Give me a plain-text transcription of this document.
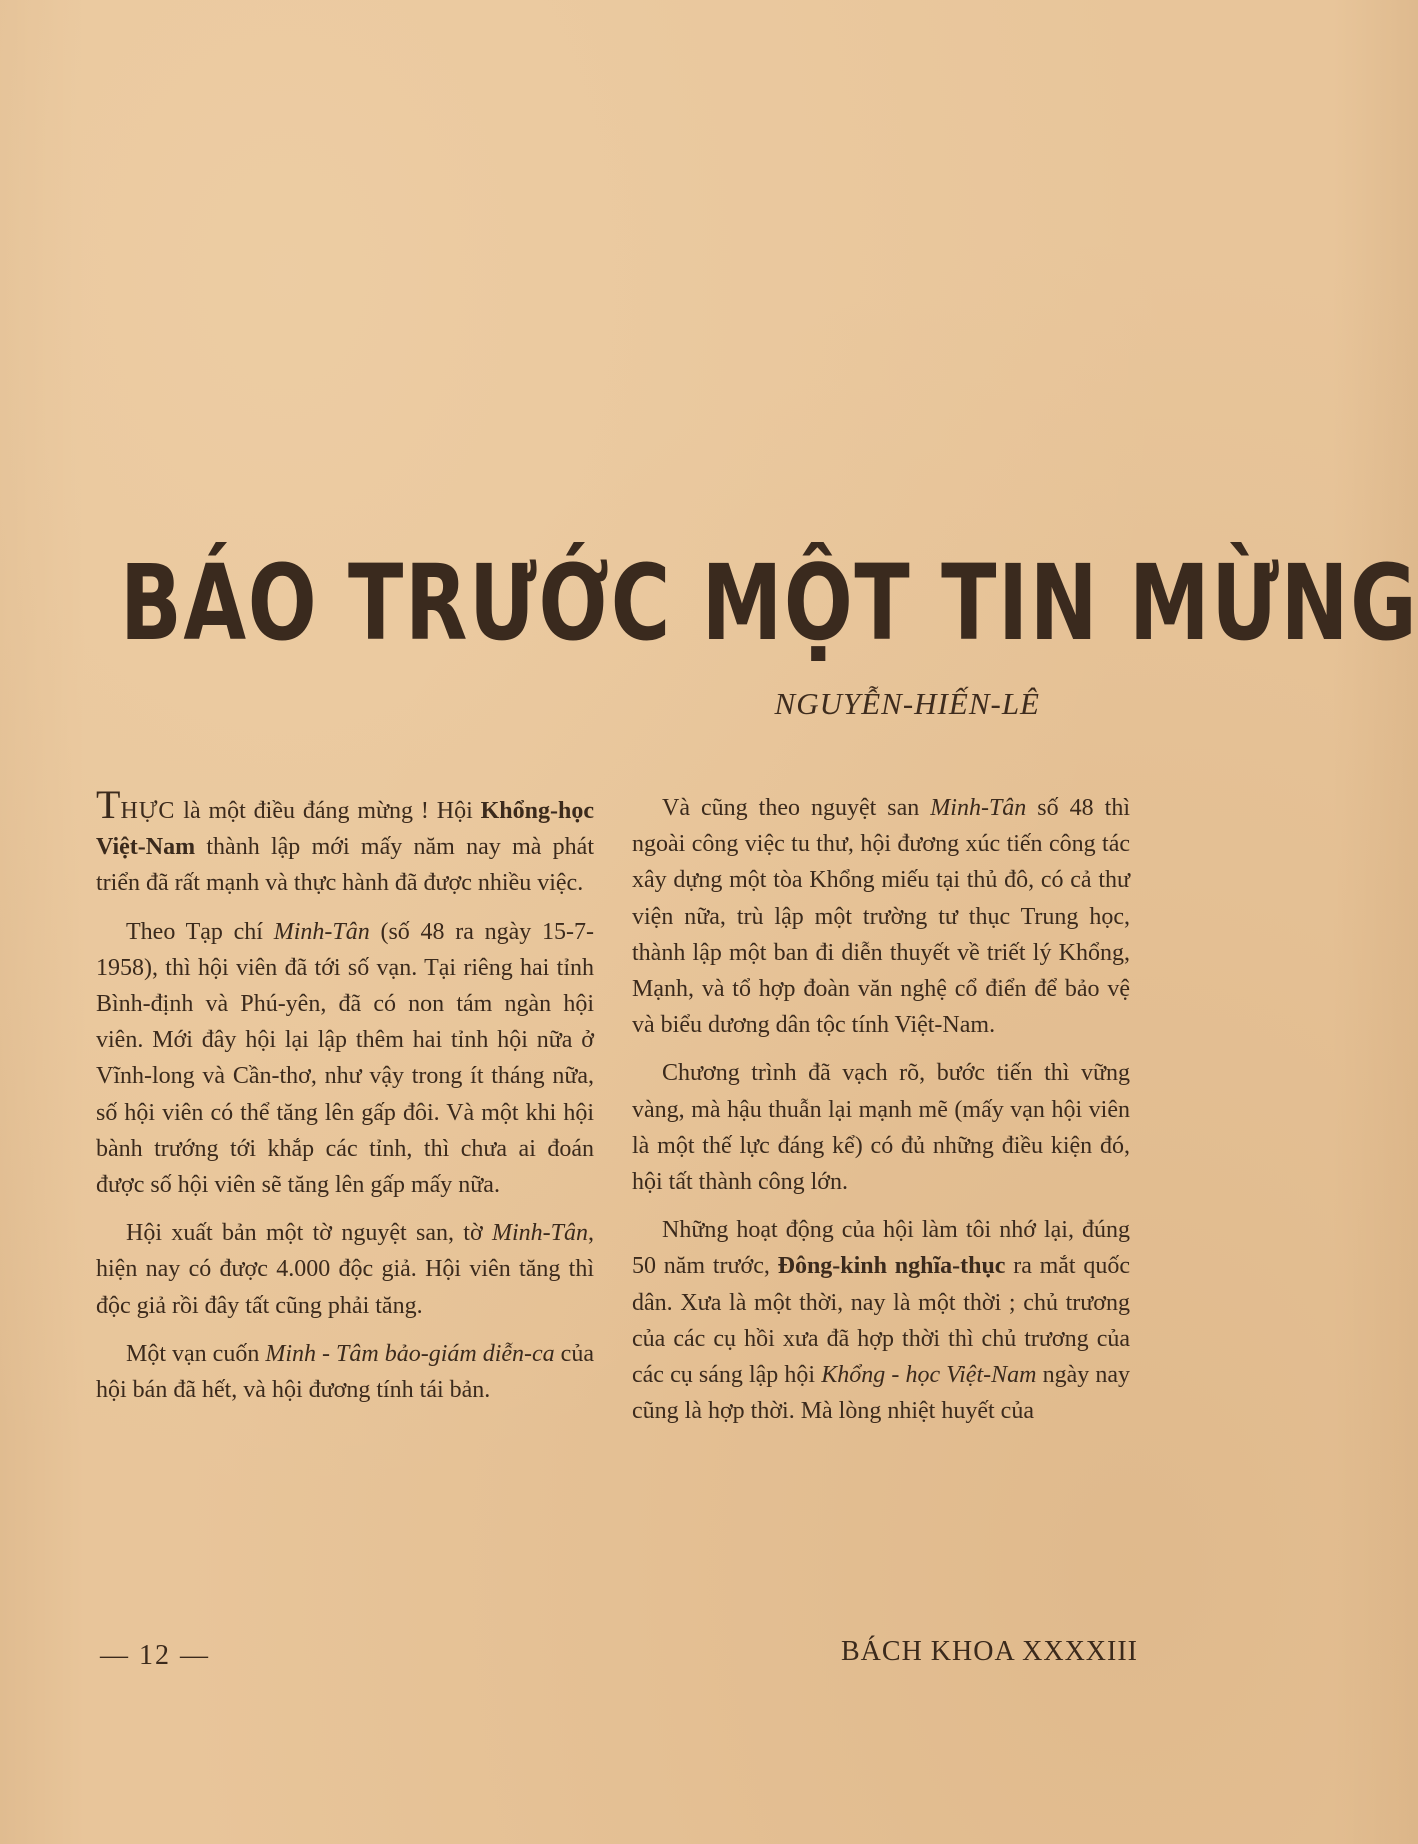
BÁO TRƯỚC MỘT TIN MỪNG
NGUYỄN-HIẾN-LÊ

THỰC là một điều đáng mừng ! Hội Khổng-học Việt-Nam thành lập mới mấy năm nay mà phát triển đã rất mạnh và thực hành đã được nhiều việc.

Theo Tạp chí Minh-Tân (số 48 ra ngày 15-7-1958), thì hội viên đã tới số vạn. Tại riêng hai tỉnh Bình-định và Phú-yên, đã có non tám ngàn hội viên. Mới đây hội lại lập thêm hai tỉnh hội nữa ở Vĩnh-long và Cần-thơ, như vậy trong ít tháng nữa, số hội viên có thể tăng lên gấp đôi. Và một khi hội bành trướng tới khắp các tỉnh, thì chưa ai đoán được số hội viên sẽ tăng lên gấp mấy nữa.

Hội xuất bản một tờ nguyệt san, tờ Minh-Tân, hiện nay có được 4.000 độc giả. Hội viên tăng thì độc giả rồi đây tất cũng phải tăng.

Một vạn cuốn Minh - Tâm bảo-giám diễn-ca của hội bán đã hết, và hội đương tính tái bản.

Và cũng theo nguyệt san Minh-Tân số 48 thì ngoài công việc tu thư, hội đương xúc tiến công tác xây dựng một tòa Khổng miếu tại thủ đô, có cả thư viện nữa, trù lập một trường tư thục Trung học, thành lập một ban đi diễn thuyết về triết lý Khổng, Mạnh, và tổ hợp đoàn văn nghệ cổ điển để bảo vệ và biểu dương dân tộc tính Việt-Nam.

Chương trình đã vạch rõ, bước tiến thì vững vàng, mà hậu thuẫn lại mạnh mẽ (mấy vạn hội viên là một thế lực đáng kể) có đủ những điều kiện đó, hội tất thành công lớn.

Những hoạt động của hội làm tôi nhớ lại, đúng 50 năm trước, Đông-kinh nghĩa-thục ra mắt quốc dân. Xưa là một thời, nay là một thời ; chủ trương của các cụ hồi xưa đã hợp thời thì chủ trương của các cụ sáng lập hội Khổng - học Việt-Nam ngày nay cũng là hợp thời. Mà lòng nhiệt huyết của

— 12 —	BÁCH KHOA XXXXIII
